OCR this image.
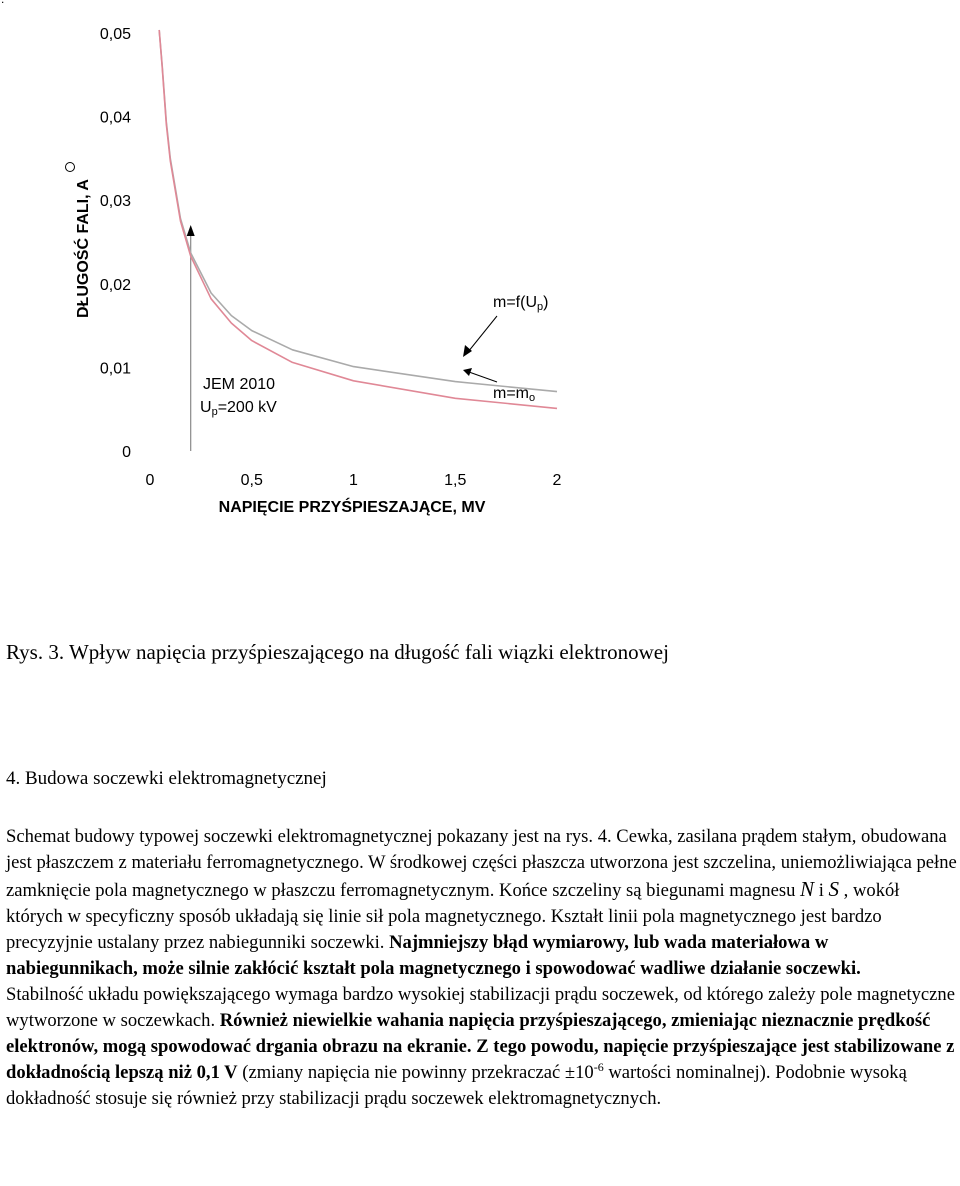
DŁUGOŚĆ FALI, A
0
0,01
0,02
0,03
0,04
0,05
0	0,5	1	1,5	2
NAPIĘCIE PRZYŚPIESZAJĄCE, MV
JEM 2010
Up=200 kV
m=f(Up)
m=mo
Rys. 3. Wpływ napięcia przyśpieszającego na długość fali wiązki elektronowej
4. Budowa soczewki elektromagnetycznej

Schemat budowy typowej soczewki elektromagnetycznej pokazany jest na rys. 4. Cewka, zasilana prądem stałym, obudowana jest płaszczem z materiału ferromagnetycznego. W środkowej części płaszcza utworzona jest szczelina, uniemożliwiająca pełne zamknięcie pola magnetycznego w płaszczu ferromagnetycznym. Końce szczeliny są biegunami magnesu N i S , wokół których w specyficzny sposób układają się linie sił pola magnetycznego. Kształt linii pola magnetycznego jest bardzo precyzyjnie ustalany przez nabiegunniki soczewki. Najmniejszy błąd wymiarowy, lub wada materiałowa w nabiegunnikach, może silnie zakłócić kształt pola magnetycznego i spowodować wadliwe działanie soczewki.

Stabilność układu powiększającego wymaga bardzo wysokiej stabilizacji prądu soczewek, od którego zależy pole magnetyczne wytworzone w soczewkach. Również niewielkie wahania napięcia przyśpieszającego, zmieniając nieznacznie prędkość elektronów, mogą spowodować drgania obrazu na ekranie. Z tego powodu, napięcie przyśpieszające jest stabilizowane z dokładnością lepszą niż 0,1 V (zmiany napięcia nie powinny przekraczać $\pm 10^{-6}$ wartości nominalnej). Podobnie wysoką dokładność stosuje się również przy stabilizacji prądu soczewek elektromagnetycznych.
